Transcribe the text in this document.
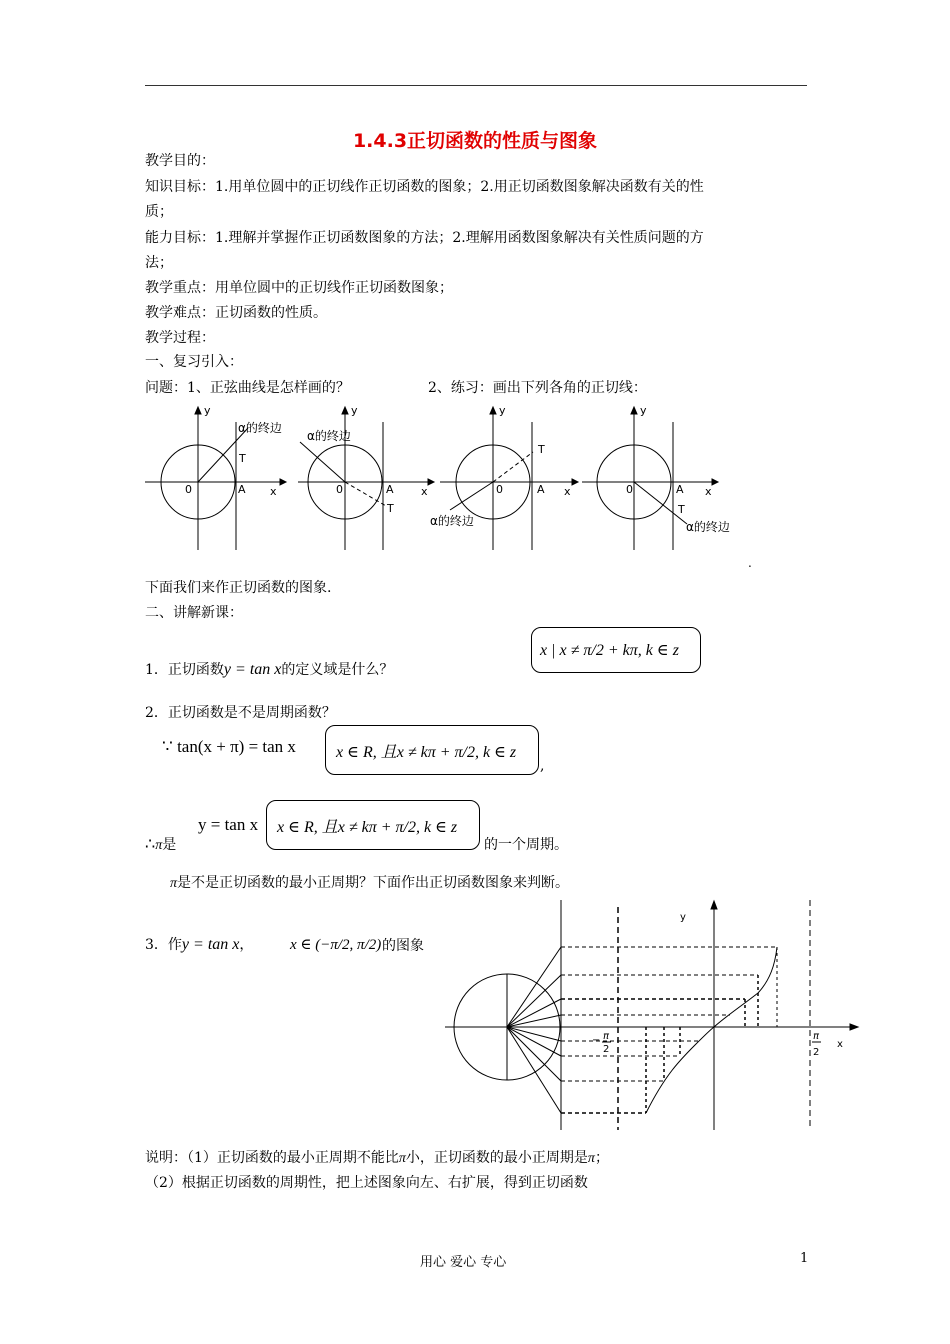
1.4.3正切函数的性质与图象
教学目的：
知识目标：1.用单位圆中的正切线作正切函数的图象；2.用正切函数图象解决函数有关的性
质；
能力目标：1.理解并掌握作正切函数图象的方法；2.理解用函数图象解决有关性质问题的方
法；
教学重点：用单位圆中的正切线作正切函数图象；
教学难点：正切函数的性质。
教学过程：
一、复习引入：
问题：1、正弦曲线是怎样画的？	2、练习：画出下列各角的正切线：
y
0	A x
T
α的终边
y
0	A x
T
α的终边
y
0	A x
T
α的终边
y
0	A x
T
α的终边
.
下面我们来作正切函数的图象.
二、讲解新课：
1．正切函数y = tan x的定义域是什么？
x | x ≠ π/2 + kπ, k ∈ z
2．正切函数是不是周期函数？
∵ tan(x + π) = tan x	x ∈ R, 且x ≠ kπ + π/2, k ∈ z
,
y = tan x x ∈ R, 且x ≠ kπ + π/2, k ∈ z
∴π是	的一个周期。
π是不是正切函数的最小正周期？下面作出正切函数图象来判断。
3．作y = tan x， x ∈ (−π/2, π/2) 的图象
y
x
− π
2
π
2
说明：（1）正切函数的最小正周期不能比π小，正切函数的最小正周期是π；
（2）根据正切函数的周期性，把上述图象向左、右扩展，得到正切函数
用心 爱心 专心	1
